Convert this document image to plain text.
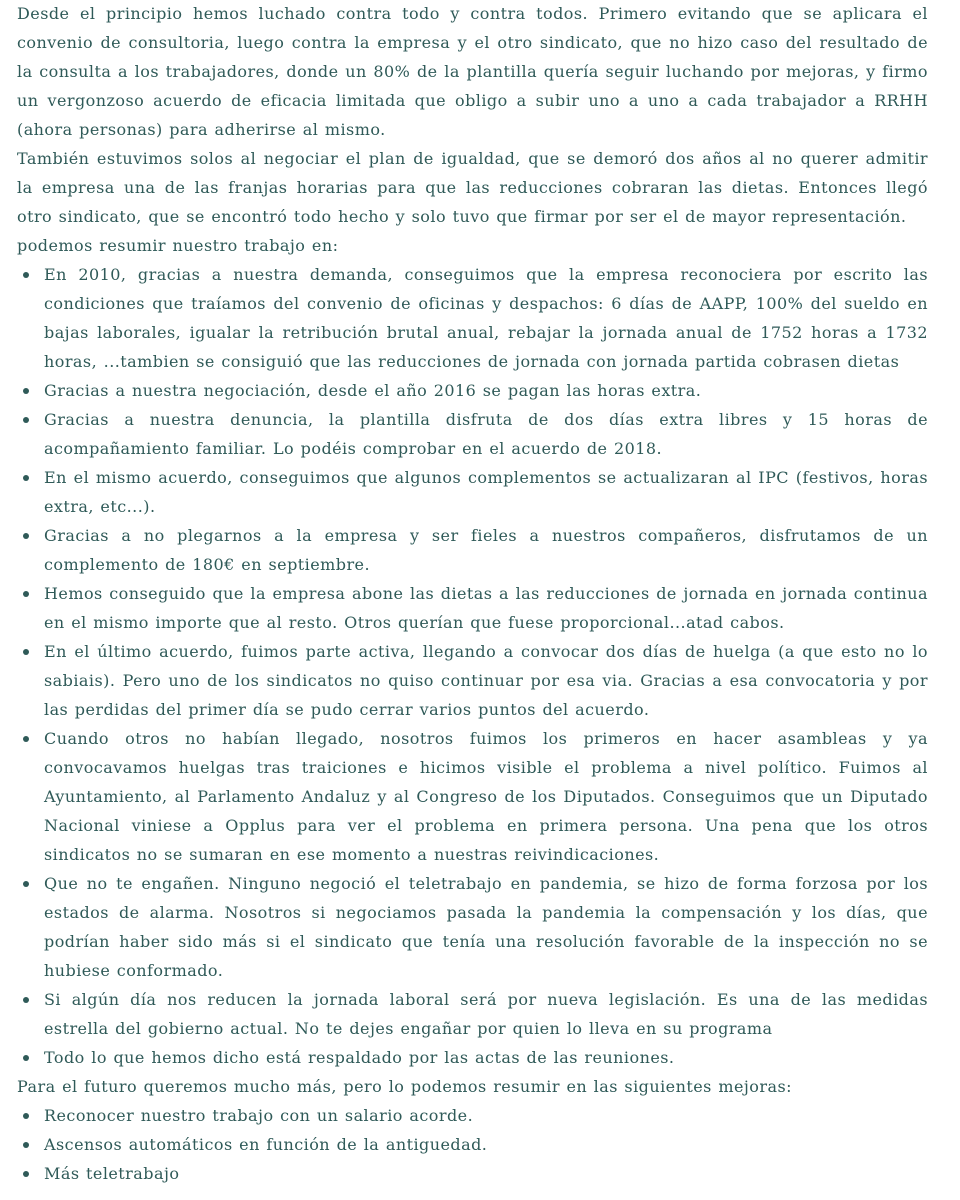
Desde el principio hemos luchado contra todo y contra todos. Primero evitando que se aplicara el convenio de consultoria, luego contra la empresa y el otro sindicato, que no hizo caso del resultado de la consulta a los trabajadores, donde un 80% de la plantilla quería seguir luchando por mejoras, y firmo un vergonzoso acuerdo de eficacia limitada que obligo a subir uno a uno a cada trabajador a RRHH (ahora personas) para adherirse al mismo.

También estuvimos solos al negociar el plan de igualdad, que se demoró dos años al no querer admitir la empresa una de las franjas horarias para que las reducciones cobraran las dietas. Entonces llegó otro sindicato, que se encontró todo hecho y solo tuvo que firmar por ser el de mayor representación.

podemos resumir nuestro trabajo en:

En 2010, gracias a nuestra demanda, conseguimos que la empresa reconociera por escrito las condiciones que traíamos del convenio de oficinas y despachos: 6 días de AAPP, 100% del sueldo en bajas laborales, igualar la retribución brutal anual, rebajar la jornada anual de 1752 horas a 1732 horas, ...tambien se consiguió que las reducciones de jornada con jornada partida cobrasen dietas

Gracias a nuestra negociación, desde el año 2016 se pagan las horas extra.

Gracias a nuestra denuncia, la plantilla disfruta de dos días extra libres y 15 horas de acompañamiento familiar. Lo podéis comprobar en el acuerdo de 2018.

En el mismo acuerdo, conseguimos que algunos complementos se actualizaran al IPC (festivos, horas extra, etc...).

Gracias a no plegarnos a la empresa y ser fieles a nuestros compañeros, disfrutamos de un complemento de 180€ en septiembre.

Hemos conseguido que la empresa abone las dietas a las reducciones de jornada en jornada continua en el mismo importe que al resto. Otros querían que fuese proporcional...atad cabos.

En el último acuerdo, fuimos parte activa, llegando a convocar dos días de huelga (a que esto no lo sabiais). Pero uno de los sindicatos no quiso continuar por esa via. Gracias a esa convocatoria y por las perdidas del primer día se pudo cerrar varios puntos del acuerdo.

Cuando otros no habían llegado, nosotros fuimos los primeros en hacer asambleas y ya convocavamos huelgas tras traiciones e hicimos visible el problema a nivel político. Fuimos al Ayuntamiento, al Parlamento Andaluz y al Congreso de los Diputados. Conseguimos que un Diputado Nacional viniese a Opplus para ver el problema en primera persona. Una pena que los otros sindicatos no se sumaran en ese momento a nuestras reivindicaciones.

Que no te engañen. Ninguno negoció el teletrabajo en pandemia, se hizo de forma forzosa por los estados de alarma. Nosotros si negociamos pasada la pandemia la compensación y los días, que podrían haber sido más si el sindicato que tenía una resolución favorable de la inspección no se hubiese conformado.

Si algún día nos reducen la jornada laboral será por nueva legislación. Es una de las medidas estrella del gobierno actual. No te dejes engañar por quien lo lleva en su programa

Todo lo que hemos dicho está respaldado por las actas de las reuniones.

Para el futuro queremos mucho más, pero lo podemos resumir en las siguientes mejoras:

Reconocer nuestro trabajo con un salario acorde.

Ascensos automáticos en función de la antiguedad.

Más teletrabajo
